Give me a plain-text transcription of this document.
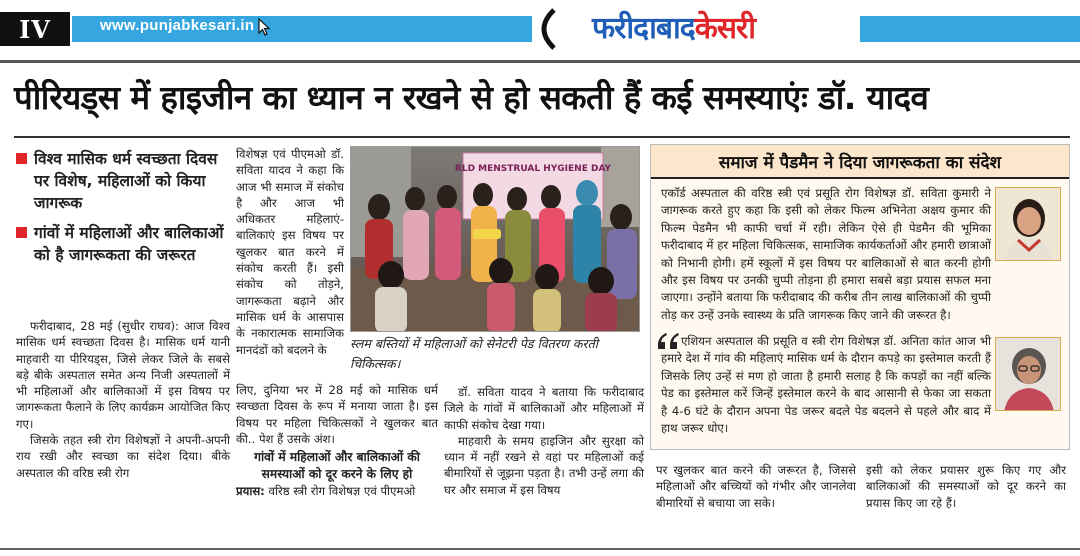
IV	www.punjabkesari.in	फरीदाबादकेसरी
पीरियड्स में हाइजीन का ध्यान न रखने से हो सकती हैं कई समस्याएंः डॉ. यादव
विश्व मासिक धर्म स्वच्छता दिवस पर विशेष, महिलाओं को किया जागरूक
गांवों में महिलाओं और बालिकाओं को है जागरूकता की जरूरत
फरीदाबाद, 28 मई (सुधीर राघव): आज विश्व मासिक धर्म स्वच्छता दिवस है। मासिक धर्म यानी माहवारी या पीरियड्स, जिसे लेकर जिले के सबसे बड़े बीके अस्पताल समेत अन्य निजी अस्पतालों में भी महिलाओं और बालिकाओं में इस विषय पर जागरूकता फैलाने के लिए कार्यक्रम आयोजित किए गए।
जिसके तहत स्त्री रोग विशेषज्ञों ने अपनी-अपनी राय रखी और स्वच्छा का संदेश दिया। बीके अस्पताल की वरिष्ठ स्त्री रोग
विशेषज्ञ एवं पीएमओ डॉ. सविता यादव ने कहा कि आज भी समाज में संकोच है और आज भी अधिकतर महिलाएं-बालिकाएं इस विषय पर खुलकर बात करने में संकोच करती हैं। इसी संकोच को तोड़ने, जागरूकता बढ़ाने और मासिक धर्म के आसपास के नकारात्मक सामाजिक मानदंडों को बदलने के
लिए, दुनिया भर में 28 मई को मासिक धर्म स्वच्छता दिवस के रूप में मनाया जाता है। इस विषय पर महिला चिकित्सकों ने खुलकर बात की.. पेश हैं उसके अंश।
गांवों में महिलाओं और बालिकाओं की समस्याओं को दूर करने के लिए हो
प्रयास: वरिष्ठ स्त्री रोग विशेषज्ञ एवं पीएमओ
डॉ. सविता यादव ने बताया कि फरीदाबाद जिले के गांवों में बालिकाओं और महिलाओं में काफी संकोच देखा गया।
माहवारी के समय हाइजिन और सुरक्षा को ध्यान में नहीं रखने से वहां पर महिलाओं कई बीमारियों से जूझना पड़ता है। तभी उन्हें लगा की घर और समाज में इस विषय
पर खुलकर बात करने की जरूरत है, जिससे महिलाओं और बच्चियों को गंभीर और जानलेवा बीमारियों से बचाया जा सके।
इसी को लेकर प्रयासर शुरू किए गए और बालिकाओं की समस्याओं को दूर करने का प्रयास किए जा रहे हैं।
RLD MENSTRUAL HYGIENE DAY
स्लम बस्तियों में महिलाओं को सेनेटरी पेड वितरण करती चिकित्सक।
समाज में पैडमैन ने दिया जागरूकता का संदेश
एकॉर्ड अस्पताल की वरिष्ठ स्त्री एवं प्रसूति रोग विशेषज्ञ डॉ. सविता कुमारी ने जागरूक करते हुए कहा कि इसी को लेकर फिल्म अभिनेता अक्षय कुमार की फिल्म पेडमैन भी काफी चर्चा में रही। लेकिन ऐसे ही पेडमैन की भूमिका फरीदाबाद में हर महिला चिकित्सक, सामाजिक कार्यकर्ताओं और हमारी छात्राओं को निभानी होगी। हमें स्कूलों में इस विषय पर बालिकाओं से बात करनी होगी और इस विषय पर उनकी चुप्पी तोड़ना ही हमारा सबसे बड़ा प्रयास सफल मना जाएगा। उन्होंने बताया कि फरीदाबाद की करीब तीन लाख बालिकाओं की चुप्पी तोड़ कर उन्हें उनके स्वास्थ्य के प्रति जागरूक किए जाने की जरूरत है।
एशियन अस्पताल की प्रसूति व स्त्री रोग विशेषज्ञ डॉ. अनिता कांत आज भी हमारे देश में गांव की महिलाएं मासिक धर्म के दौरान कपड़े का इस्तेमाल करती हैं जिसके लिए उन्हें सं मण हो जाता है हमारी सलाह है कि कपड़ों का नहीं बल्कि पेड का इस्तेमाल करें जिन्हें इस्तेमाल करने के बाद आसानी से फेका जा सकता है 4-6 घंटे के दौरान अपना पेड जरूर बदले पेड बदलने से पहले और बाद में हाथ जरूर धोए।
